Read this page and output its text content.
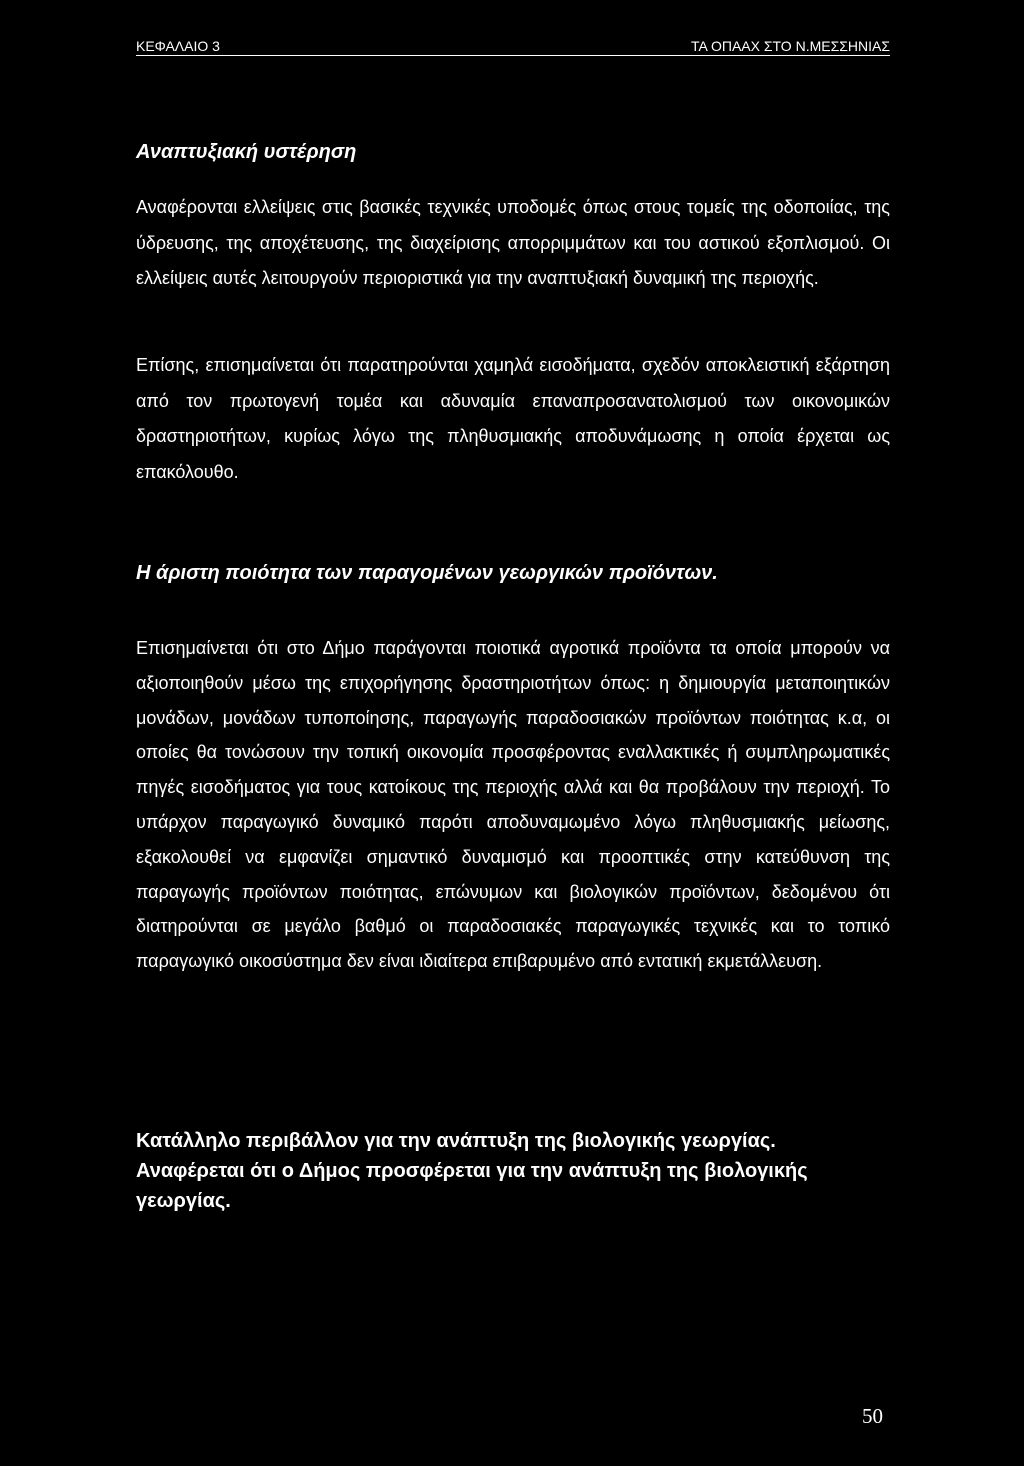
ΚΕΦΑΛΑΙΟ 3	ΤΑ ΟΠΑΑΧ ΣΤΟ Ν.ΜΕΣΣΗΝΙΑΣ
Αναπτυξιακή υστέρηση

Αναφέρονται ελλείψεις στις βασικές τεχνικές υποδομές όπως στους τομείς της οδοποιίας, της ύδρευσης, της αποχέτευσης, της διαχείρισης απορριμμάτων και του αστικού εξοπλισμού. Οι ελλείψεις αυτές λειτουργούν περιοριστικά για την αναπτυξιακή δυναμική της περιοχής.

Επίσης, επισημαίνεται ότι παρατηρούνται χαμηλά εισοδήματα, σχεδόν αποκλειστική εξάρτηση από τον πρωτογενή τομέα και αδυναμία επαναπροσανατολισμού των οικονομικών δραστηριοτήτων, κυρίως λόγω της πληθυσμιακής αποδυνάμωσης η οποία έρχεται ως επακόλουθο.

Η άριστη ποιότητα των παραγομένων γεωργικών προϊόντων.

Επισημαίνεται ότι στο Δήμο παράγονται ποιοτικά αγροτικά προϊόντα τα οποία μπορούν να αξιοποιηθούν μέσω της επιχορήγησης δραστηριοτήτων όπως: η δημιουργία μεταποιητικών μονάδων, μονάδων τυποποίησης, παραγωγής παραδοσιακών προϊόντων ποιότητας κ.α, οι οποίες θα τονώσουν την τοπική οικονομία προσφέροντας εναλλακτικές ή συμπληρωματικές πηγές εισοδήματος για τους κατοίκους της περιοχής αλλά και θα προβάλουν την περιοχή. Το υπάρχον παραγωγικό δυναμικό παρότι αποδυναμωμένο λόγω πληθυσμιακής μείωσης, εξακολουθεί να εμφανίζει σημαντικό δυναμισμό και προοπτικές στην κατεύθυνση της παραγωγής προϊόντων ποιότητας, επώνυμων και βιολογικών προϊόντων, δεδομένου ότι διατηρούνται σε μεγάλο βαθμό οι παραδοσιακές παραγωγικές τεχνικές και το τοπικό παραγωγικό οικοσύστημα δεν είναι ιδιαίτερα επιβαρυμένο από εντατική εκμετάλλευση.

Κατάλληλο περιβάλλον για την ανάπτυξη της βιολογικής γεωργίας.
Αναφέρεται ότι ο Δήμος προσφέρεται για την ανάπτυξη της βιολογικής γεωργίας.
50
